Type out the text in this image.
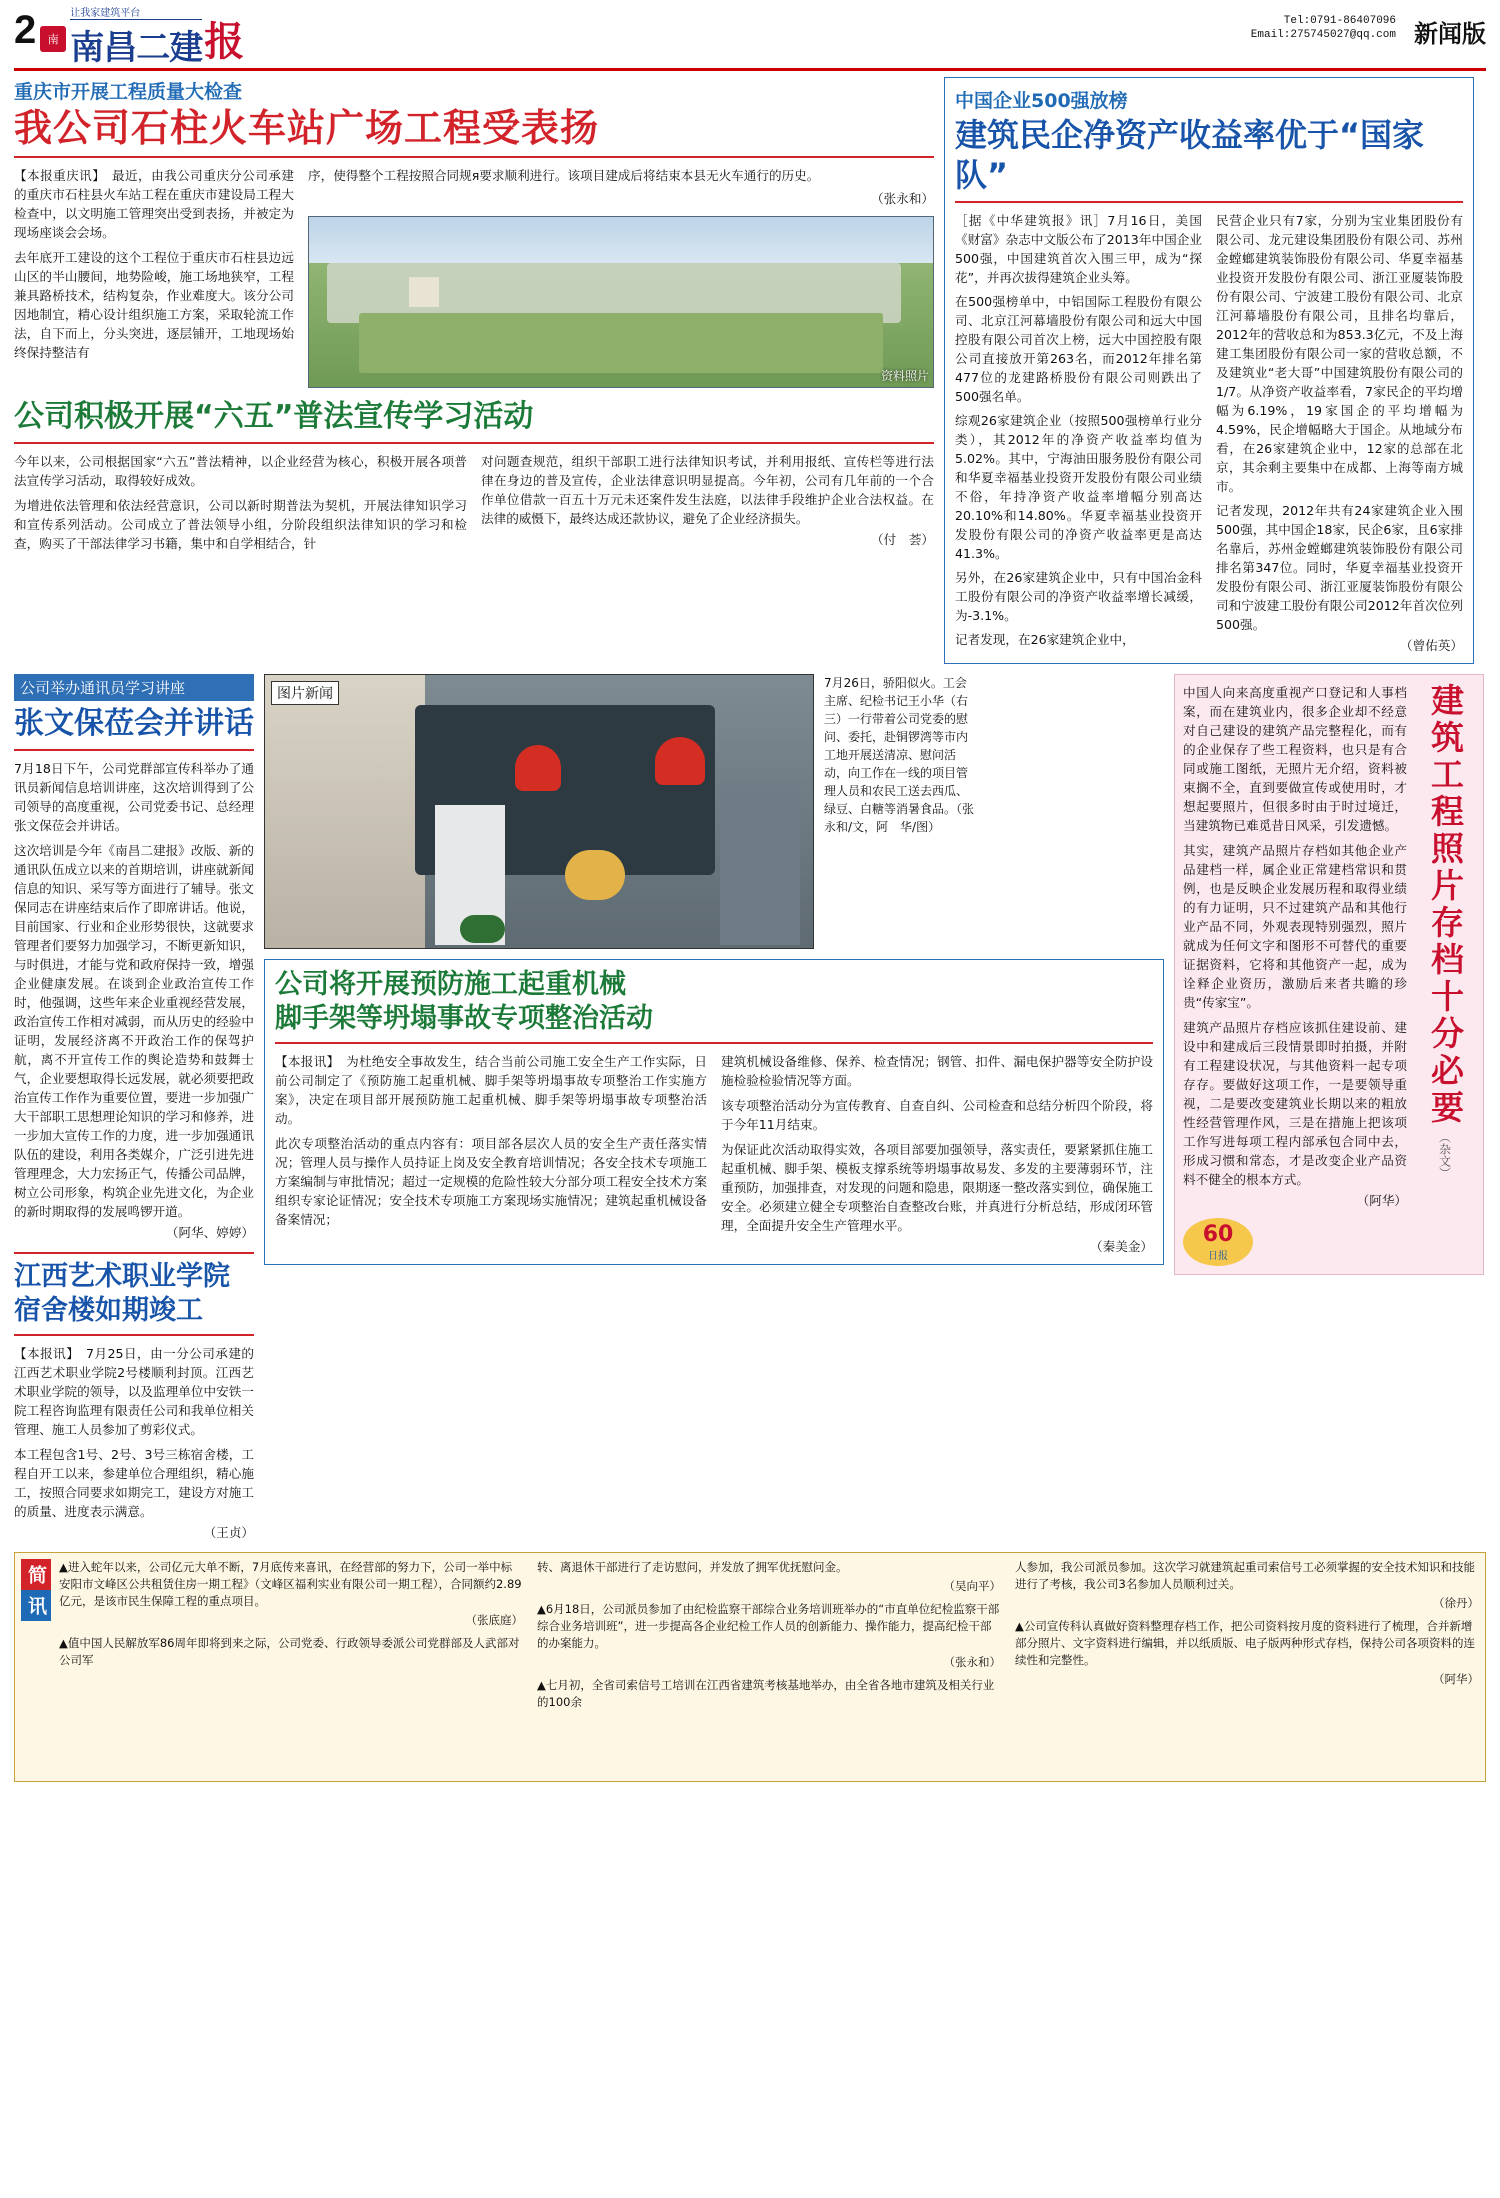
2	南
让我家建筑平台
南昌二建 报	Tel:0791-86407096
Email:275745027@qq.com 新闻版
重庆市开展工程质量大检查
我公司石柱火车站广场工程受表扬

【本报重庆讯】　最近，由我公司重庆分公司承建的重庆市石柱县火车站工程在重庆市建设局工程大检查中，以文明施工管理突出受到表扬，并被定为现场座谈会会场。

去年底开工建设的这个工程位于重庆市石柱县边远山区的半山腰间，地势险峻，施工场地狭窄，工程兼具路桥技术，结构复杂，作业难度大。该分公司因地制宜，精心设计组织施工方案，采取轮流工作法，自下而上，分头突进，逐层铺开，工地现场始终保持整洁有

序，使得整个工程按照合同规я要求顺利进行。该项目建成后将结束本县无火车通行的历史。

（张永和）

资料照片
公司积极开展“六五”普法宣传学习活动

今年以来，公司根据国家“六五”普法精神，以企业经营为核心，积极开展各项普法宣传学习活动，取得较好成效。

为增进依法管理和依法经营意识，公司以新时期普法为契机，开展法律知识学习和宣传系列活动。公司成立了普法领导小组，分阶段组织法律知识的学习和检查，购买了干部法律学习书籍，集中和自学相结合，针

对问题查规范，组织干部职工进行法律知识考试，并利用报纸、宣传栏等进行法律在身边的普及宣传，企业法律意识明显提高。今年初，公司有几年前的一个合作单位借款一百五十万元未还案件发生法庭，以法律手段维护企业合法权益。在法律的威慑下，最终达成还款协议，避免了企业经济损失。

（付　荟）

中国企业500强放榜
建筑民企净资产收益率优于“国家队”

［据《中华建筑报》讯］7月16日，美国《财富》杂志中文版公布了2013年中国企业500强，中国建筑首次入围三甲，成为“探花”，并再次拔得建筑企业头筹。

在500强榜单中，中铝国际工程股份有限公司、北京江河幕墙股份有限公司和远大中国控股有限公司首次上榜，远大中国控股有限公司直接放开第263名，而2012年排名第477位的龙建路桥股份有限公司则跌出了500强名单。

综观26家建筑企业（按照500强榜单行业分类），其2012年的净资产收益率均值为5.02%。其中，宁海油田服务股份有限公司和华夏幸福基业投资开发股份有限公司业绩不俗，年持净资产收益率增幅分别高达20.10%和14.80%。华夏幸福基业投资开发股份有限公司的净资产收益率更是高达41.3%。

另外，在26家建筑企业中，只有中国冶金科工股份有限公司的净资产收益率增长减缓，为-3.1%。

记者发现，在26家建筑企业中，

民营企业只有7家，分别为宝业集团股份有限公司、龙元建设集团股份有限公司、苏州金螳螂建筑装饰股份有限公司、华夏幸福基业投资开发股份有限公司、浙江亚厦装饰股份有限公司、宁波建工股份有限公司、北京江河幕墙股份有限公司，且排名均靠后，2012年的营收总和为853.3亿元，不及上海建工集团股份有限公司一家的营收总额，不及建筑业“老大哥”中国建筑股份有限公司的1/7。从净资产收益率看，7家民企的平均增幅为6.19%，19家国企的平均增幅为4.59%，民企增幅略大于国企。从地域分布看，在26家建筑企业中，12家的总部在北京，其余剩主要集中在成都、上海等南方城市。

记者发现，2012年共有24家建筑企业入围500强，其中国企18家，民企6家，且6家排名靠后，苏州金螳螂建筑装饰股份有限公司排名第347位。同时，华夏幸福基业投资开发股份有限公司、浙江亚厦装饰股份有限公司和宁波建工股份有限公司2012年首次位列500强。

（曾佑英）

公司举办通讯员学习讲座
张文保莅会并讲话

7月18日下午，公司党群部宣传科举办了通讯员新闻信息培训讲座，这次培训得到了公司领导的高度重视，公司党委书记、总经理张文保莅会并讲话。

这次培训是今年《南昌二建报》改版、新的通讯队伍成立以来的首期培训，讲座就新闻信息的知识、采写等方面进行了辅导。张文保同志在讲座结束后作了即席讲话。他说，目前国家、行业和企业形势很快，这就要求管理者们要努力加强学习，不断更新知识，与时俱进，才能与党和政府保持一致，增强企业健康发展。在谈到企业政治宣传工作时，他强调，这些年来企业重视经营发展，政治宣传工作相对减弱，而从历史的经验中证明，发展经济离不开政治工作的保驾护航，离不开宣传工作的舆论造势和鼓舞士气，企业要想取得长远发展，就必须要把政治宣传工作作为重要位置，要进一步加强广大干部职工思想理论知识的学习和修养，进一步加大宣传工作的力度，进一步加强通讯队伍的建设，利用各类媒介，广泛引进先进管理理念，大力宏扬正气，传播公司品牌，树立公司形象，构筑企业先进文化，为企业的新时期取得的发展鸣锣开道。

（阿华、婷婷）

江西艺术职业学院
宿舍楼如期竣工

【本报讯】　7月25日，由一分公司承建的江西艺术职业学院2号楼顺利封顶。江西艺术职业学院的领导，以及监理单位中安铁一院工程咨询监理有限责任公司和我单位相关管理、施工人员参加了剪彩仪式。

本工程包含1号、2号、3号三栋宿舍楼，工程自开工以来，参建单位合理组织，精心施工，按照合同要求如期完工，建设方对施工的质量、进度表示满意。

（王贞）

图片新闻

7月26日，骄阳似火。工会主席、纪检书记王小华（右三）一行带着公司党委的慰问、委托，赴铜锣湾等市内工地开展送清凉、慰问活动，向工作在一线的项目管理人员和农民工送去西瓜、绿豆、白糖等消暑食品。（张永和/文，阿　华/图）

公司将开展预防施工起重机械
脚手架等坍塌事故专项整治活动

【本报讯】　为杜绝安全事故发生，结合当前公司施工安全生产工作实际，日前公司制定了《预防施工起重机械、脚手架等坍塌事故专项整治工作实施方案》，决定在项目部开展预防施工起重机械、脚手架等坍塌事故专项整治活动。

此次专项整治活动的重点内容有：项目部各层次人员的安全生产责任落实情况；管理人员与操作人员持证上岗及安全教育培训情况；各安全技术专项施工方案编制与审批情况；超过一定规模的危险性较大分部分项工程安全技术方案组织专家论证情况；安全技术专项施工方案现场实施情况；建筑起重机械设备备案情况；

建筑机械设备维修、保养、检查情况；钢管、扣件、漏电保护器等安全防护设施检验检验情况等方面。

该专项整治活动分为宣传教育、自查自纠、公司检查和总结分析四个阶段，将于今年11月结束。

为保证此次活动取得实效，各项目部要加强领导，落实责任，要紧紧抓住施工起重机械、脚手架、模板支撑系统等坍塌事故易发、多发的主要薄弱环节，注重预防，加强排查，对发现的问题和隐患，限期逐一整改落实到位，确保施工安全。必须建立健全专项整治自查整改台账，并真进行分析总结，形成闭环管理，全面提升安全生产管理水平。

（秦美金）

中国人向来高度重视产口登记和人事档案，而在建筑业内，很多企业却不经意对自己建设的建筑产品完整程化，而有的企业保存了些工程资料，也只是有合同或施工图纸，无照片无介绍，资料被束搁不全，直到要做宣传或使用时，才想起要照片，但很多时由于时过境迁，当建筑物已难觅昔日风采，引发遗憾。

其实，建筑产品照片存档如其他企业产品建档一样，属企业正常建档常识和贯例，也是反映企业发展历程和取得业绩的有力证明，只不过建筑产品和其他行业产品不同，外观表现特别强烈，照片就成为任何文字和图形不可替代的重要证据资料，它将和其他资产一起，成为诠释企业资历，激励后来者共瞻的珍贵“传家宝”。

建筑产品照片存档应该抓住建设前、建设中和建成后三段情景即时拍摄，并附有工程建设状况，与其他资料一起专项存存。要做好这项工作，一是要领导重视，二是要改变建筑业长期以来的粗放性经营管理作风，三是在措施上把该项工作写进每项工程内部承包合同中去，形成习惯和常态，才是改变企业产品资料不健全的根本方式。

（阿华）

建筑工程照片存档十分必要
（杂文）
60
日报
简
讯

▲进入蛇年以来，公司亿元大单不断，7月底传来喜讯，在经营部的努力下，公司一举中标安阳市文峰区公共租赁住房一期工程》（文峰区福利实业有限公司一期工程），合同额约2.89亿元，是该市民生保障工程的重点项目。

（张底庭）

▲值中国人民解放军86周年即将到来之际，公司党委、行政领导委派公司党群部及人武部对公司军

转、离退休干部进行了走访慰问，并发放了拥军优抚慰问金。

（吴向平）

▲6月18日，公司派员参加了由纪检监察干部综合业务培训班举办的“市直单位纪检监察干部综合业务培训班”，进一步提高各企业纪检工作人员的创新能力、操作能力，提高纪检干部的办案能力。

（张永和）

▲七月初，全省司索信号工培训在江西省建筑考核基地举办，由全省各地市建筑及相关行业的100余

人参加，我公司派员参加。这次学习就建筑起重司索信号工必须掌握的安全技术知识和技能进行了考核，我公司3名参加人员顺利过关。

（徐丹）

▲公司宣传科认真做好资料整理存档工作，把公司资料按月度的资料进行了梳理，合并新增部分照片、文字资料进行编辑，并以纸质版、电子版两种形式存档，保持公司各项资料的连续性和完整性。

（阿华）
